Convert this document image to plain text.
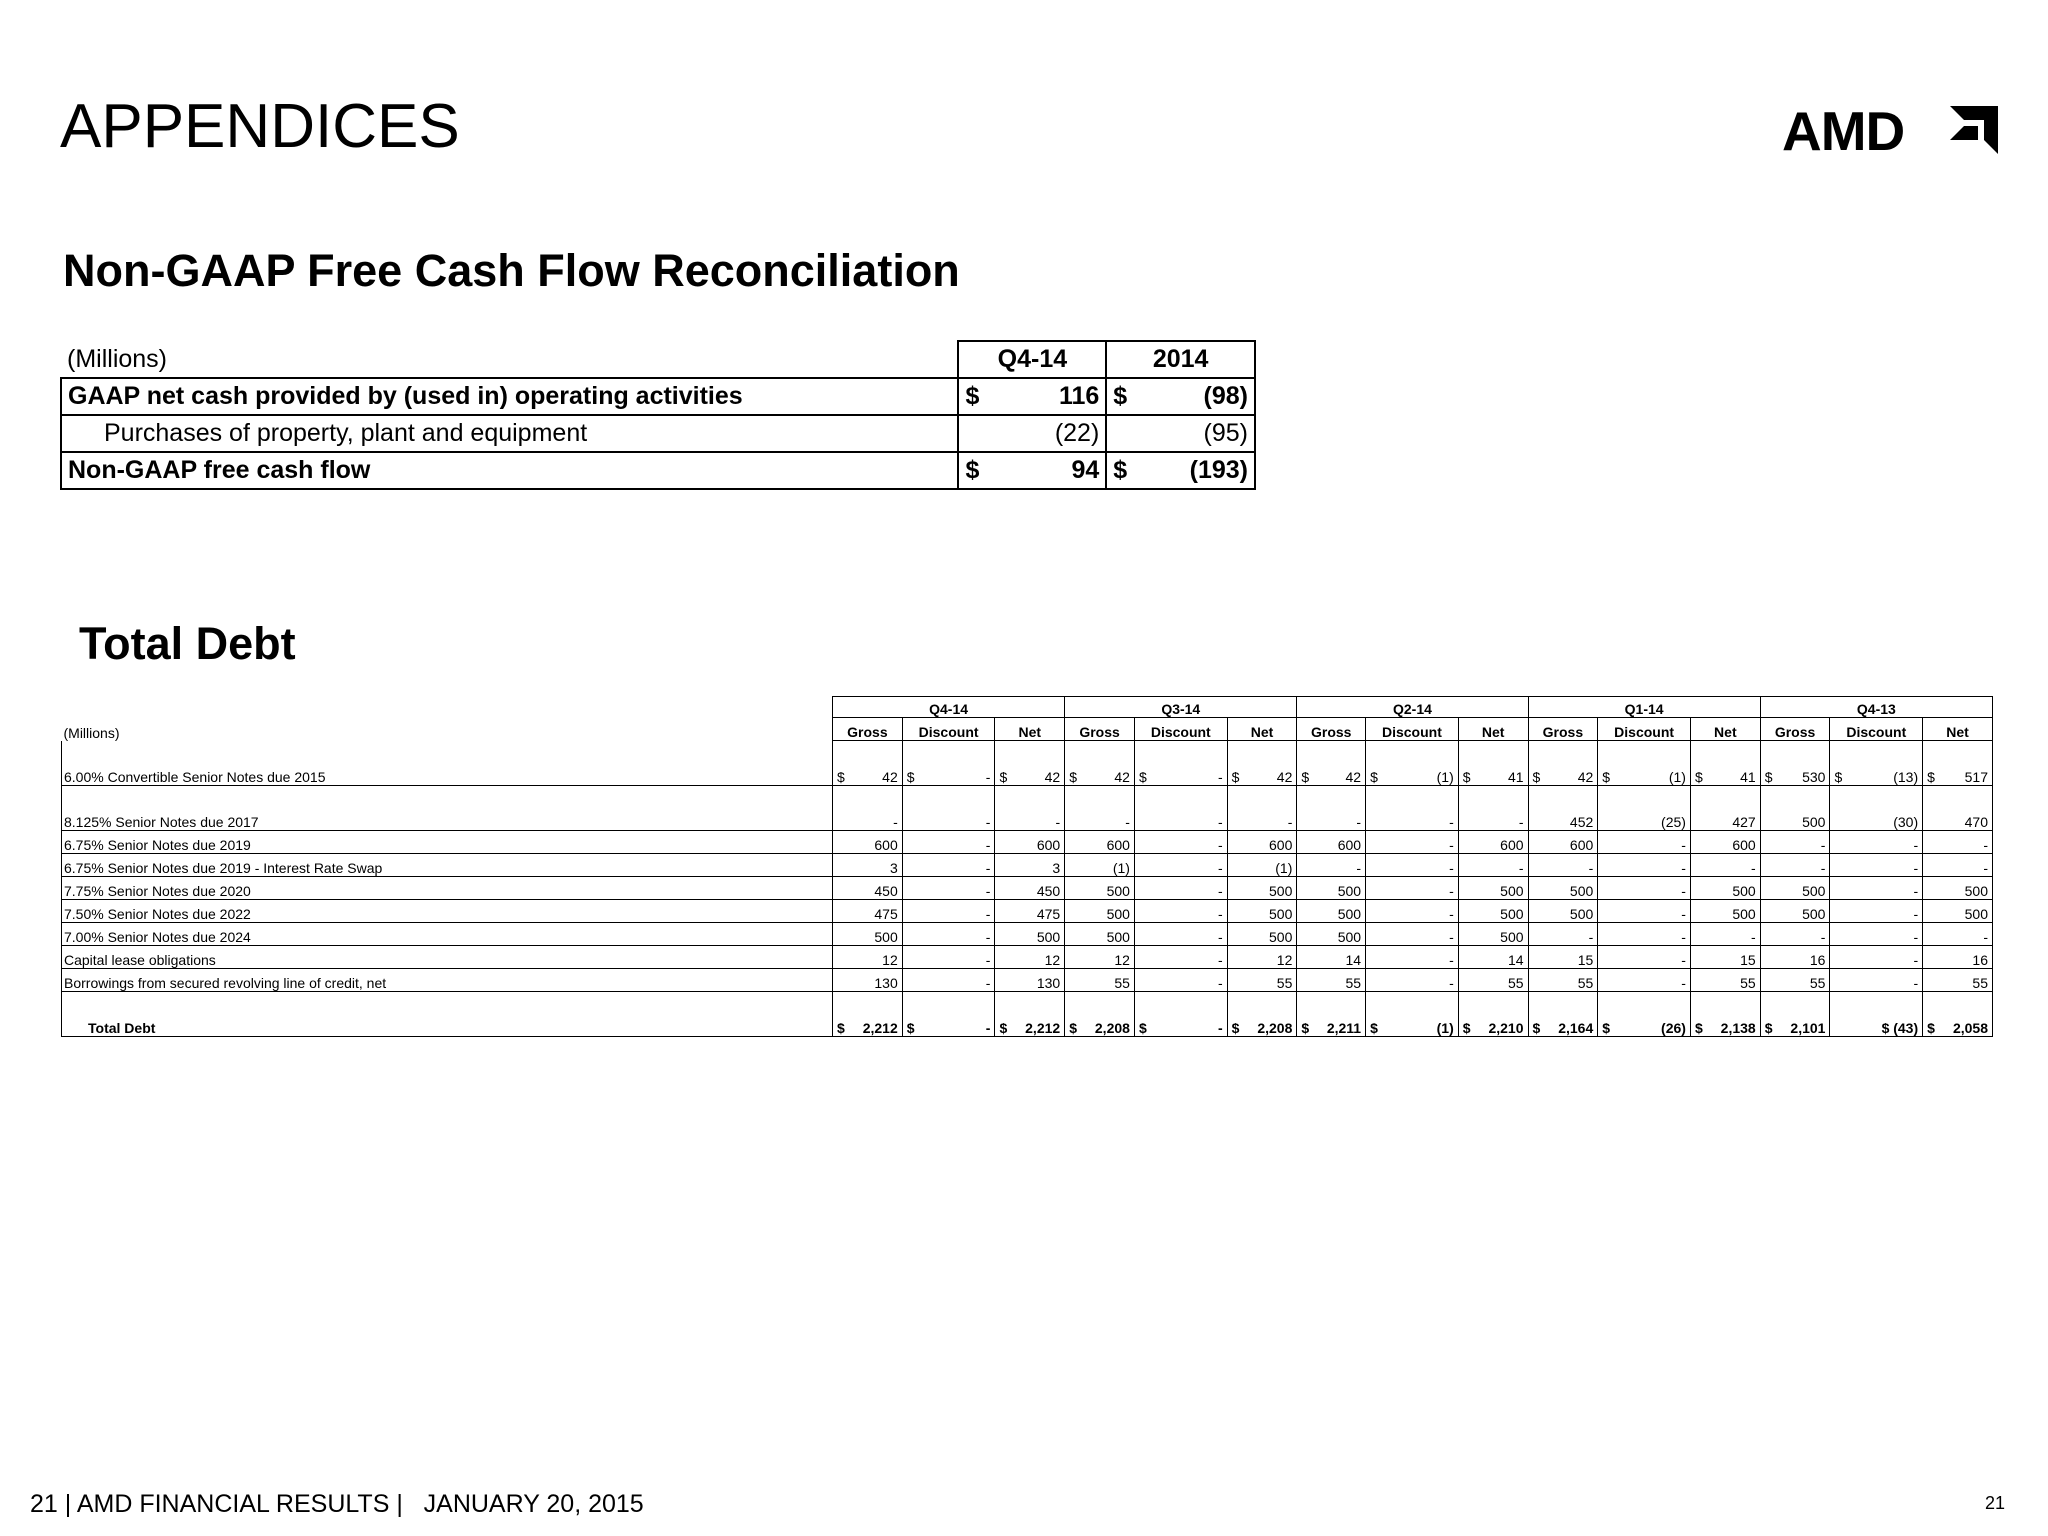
APPENDICES	AMD
Non-GAAP Free Cash Flow Reconciliation
(Millions)	Q4-14	2014
GAAP net cash provided by (used in) operating activities	$ 116	$ (98)

Purchases of property, plant and equipment	(22)	(95)

Non-GAAP free cash flow	$ 94	$ (193)
Total Debt
	Q4-14			Q3-14			Q2-14			Q1-14			Q4-13		
(Millions)	Gross	Discount	Net	Gross	Discount	Net	Gross	Discount	Net	Gross	Discount	Net	Gross	Discount	Net
6.00% Convertible Senior Notes due 2015	$ 42	$ -	$ 42	$ 42	$ -	$ 42	$ 42	$ (1)	$ 41	$ 42	$ (1)	$ 41	$ 530	$ (13)	$ 517

8.125% Senior Notes due 2017	-	-	-	-	-	-	-	-	-	452	(25)	427	500	(30)	470

6.75% Senior Notes due 2019	600	-	600	600	-	600	600	-	600	600	-	600	-	-	-

6.75% Senior Notes due 2019 - Interest Rate Swap	3	-	3	(1)	-	(1)	-	-	-	-	-	-	-	-	-

7.75% Senior Notes due 2020	450	-	450	500	-	500	500	-	500	500	-	500	500	-	500

7.50% Senior Notes due 2022	475	-	475	500	-	500	500	-	500	500	-	500	500	-	500

7.00% Senior Notes due 2024	500	-	500	500	-	500	500	-	500	-	-	-	-	-	-

Capital lease obligations	12	-	12	12	-	12	14	-	14	15	-	15	16	-	16

Borrowings from secured revolving line of credit, net	130	-	130	55	-	55	55	-	55	55	-	55	55	-	55

Total Debt	$ 2,212	$ -	$ 2,212	$ 2,208	$ -	$ 2,208	$ 2,211	$ (1)	$ 2,210	$ 2,164	$ (26)	$ 2,138	$ 2,101	$ (43)	$ 2,058
21 | AMD FINANCIAL RESULTS |   JANUARY 20, 2015	21
